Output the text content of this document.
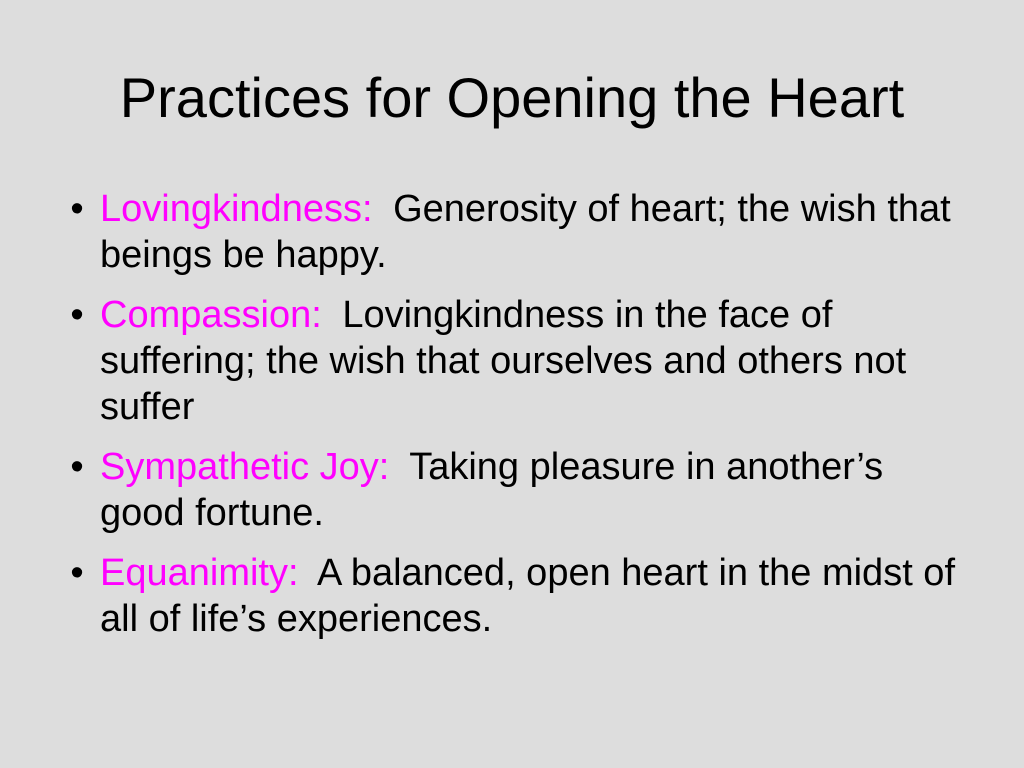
Practices for Opening the Heart
• Lovingkindness: Generosity of heart; the wish that beings be happy.
• Compassion: Lovingkindness in the face of suffering; the wish that ourselves and others not suffer
• Sympathetic Joy: Taking pleasure in another’s good fortune.
• Equanimity: A balanced, open heart in the midst of all of life’s experiences.
